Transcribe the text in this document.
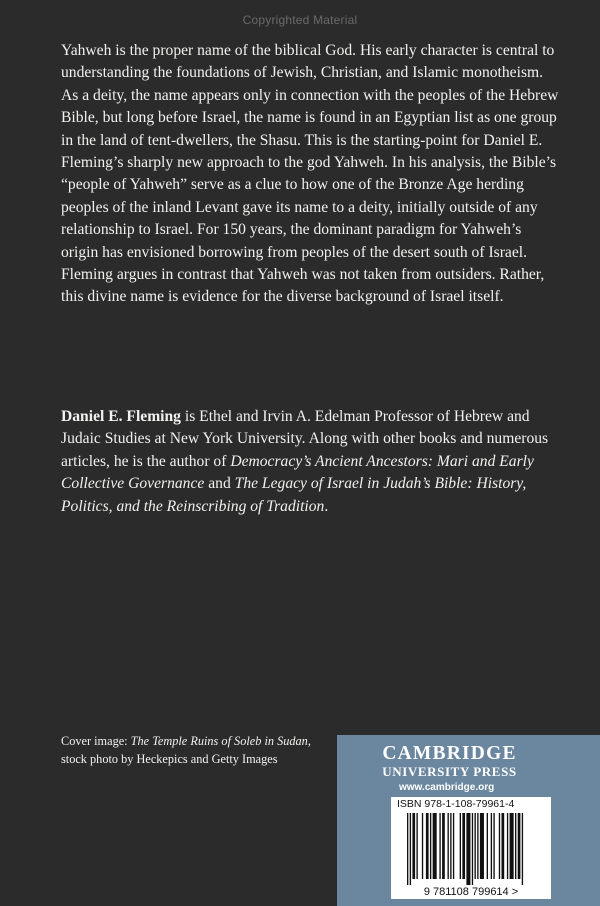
Copyrighted Material

Yahweh is the proper name of the biblical God. His early character is central to understanding the foundations of Jewish, Christian, and Islamic monotheism. As a deity, the name appears only in connection with the peoples of the Hebrew Bible, but long before Israel, the name is found in an Egyptian list as one group in the land of tent-dwellers, the Shasu. This is the starting-point for Daniel E. Fleming’s sharply new approach to the god Yahweh. In his analysis, the Bible’s “people of Yahweh” serve as a clue to how one of the Bronze Age herding peoples of the inland Levant gave its name to a deity, initially outside of any relationship to Israel. For 150 years, the dominant paradigm for Yahweh’s origin has envisioned borrowing from peoples of the desert south of Israel. Fleming argues in contrast that Yahweh was not taken from outsiders. Rather, this divine name is evidence for the diverse background of Israel itself.

Daniel E. Fleming is Ethel and Irvin A. Edelman Professor of Hebrew and Judaic Studies at New York University. Along with other books and numerous articles, he is the author of Democracy’s Ancient Ancestors: Mari and Early Collective Governance and The Legacy of Israel in Judah’s Bible: History, Politics, and the Reinscribing of Tradition.

Cover image: The Temple Ruins of Soleb in Sudan, stock photo by Heckepics and Getty Images	CAMBRIDGE
UNIVERSITY PRESS
www.cambridge.org
ISBN 978-1-108-79961-4
9 781108 799614 >
